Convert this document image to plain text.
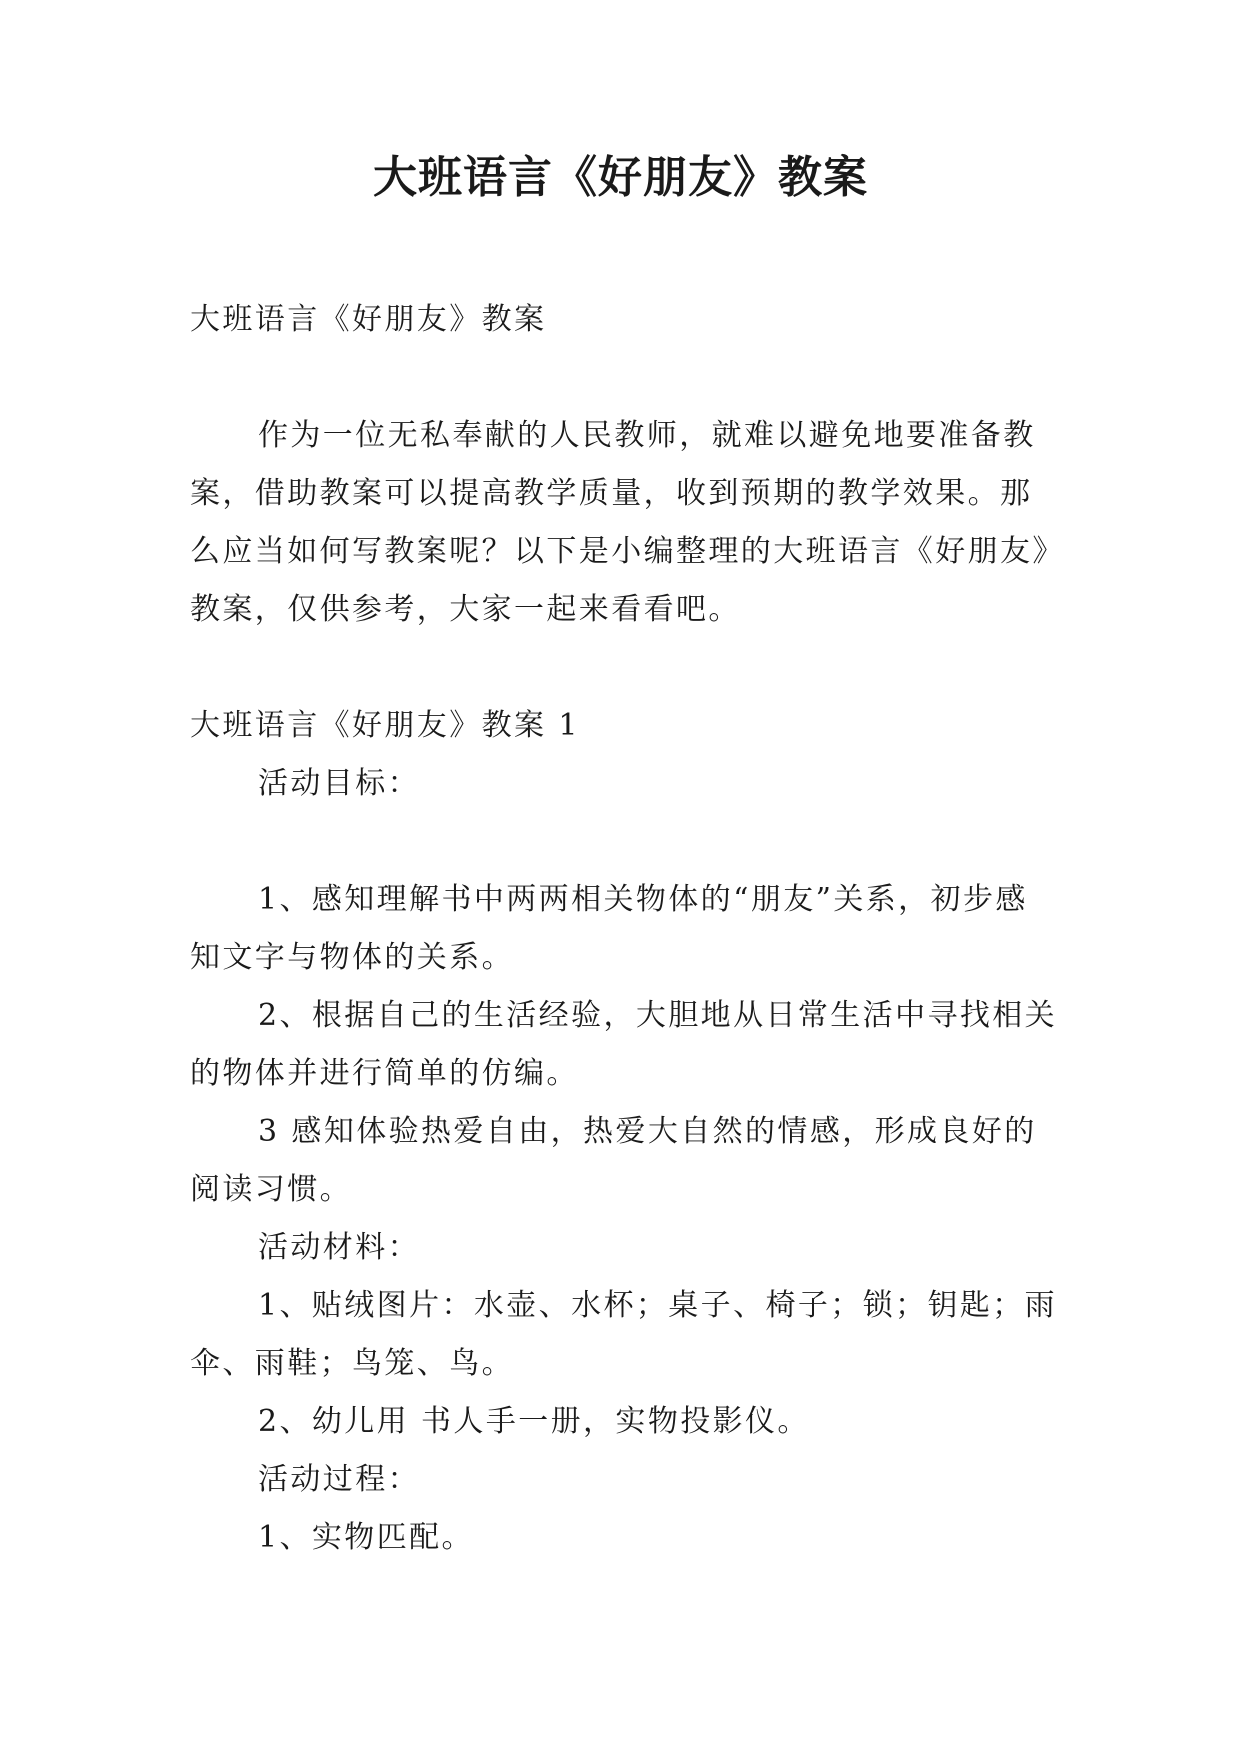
大班语言《好朋友》教案

大班语言《好朋友》教案

作为一位无私奉献的人民教师，就难以避免地要准备教案，借助教案可以提高教学质量，收到预期的教学效果。那么应当如何写教案呢？以下是小编整理的大班语言《好朋友》教案，仅供参考，大家一起来看看吧。

大班语言《好朋友》教案 1

活动目标：

1、感知理解书中两两相关物体的“朋友”关系，初步感知文字与物体的关系。

2、根据自己的生活经验，大胆地从日常生活中寻找相关的物体并进行简单的仿编。

3 感知体验热爱自由，热爱大自然的情感，形成良好的阅读习惯。

活动材料：

1、贴绒图片：水壶、水杯；桌子、椅子；锁；钥匙；雨伞、雨鞋；鸟笼、鸟。

2、幼儿用 书人手一册，实物投影仪。

活动过程：

1、实物匹配。
